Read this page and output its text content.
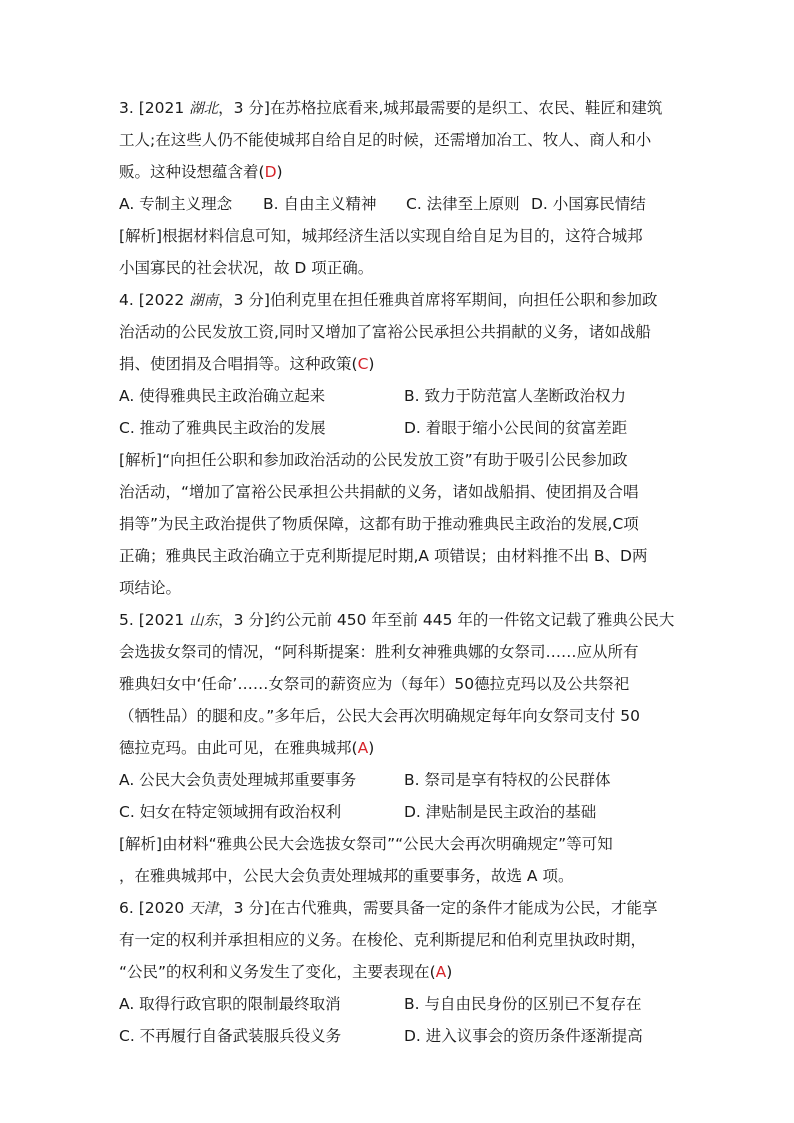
3. [2021 湖北，3 分]在苏格拉底看来,城邦最需要的是织工、农民、鞋匠和建筑
工人;在这些人仍不能使城邦自给自足的时候，还需增加冶工、牧人、商人和小
贩。这种设想蕴含着(D)
A. 专制主义理念 B. 自由主义精神 C. 法律至上原则 D. 小国寡民情结
[解析]根据材料信息可知，城邦经济生活以实现自给自足为目的，这符合城邦
小国寡民的社会状况，故 D 项正确。
4. [2022 湖南，3 分]伯利克里在担任雅典首席将军期间，向担任公职和参加政
治活动的公民发放工资,同时又增加了富裕公民承担公共捐献的义务，诸如战船
捐、使团捐及合唱捐等。这种政策(C)
A. 使得雅典民主政治确立起来	B. 致力于防范富人垄断政治权力
C. 推动了雅典民主政治的发展	D. 着眼于缩小公民间的贫富差距
[解析]“向担任公职和参加政治活动的公民发放工资”有助于吸引公民参加政
治活动，“增加了富裕公民承担公共捐献的义务，诸如战船捐、使团捐及合唱
捐等”为民主政治提供了物质保障，这都有助于推动雅典民主政治的发展,C项
正确；雅典民主政治确立于克利斯提尼时期,A 项错误；由材料推不出 B、D两
项结论。
5. [2021 山东，3 分]约公元前 450 年至前 445 年的一件铭文记载了雅典公民大
会选拔女祭司的情况，“阿科斯提案：胜利女神雅典娜的女祭司……应从所有
雅典妇女中‘任命’……女祭司的薪资应为（每年）50德拉克玛以及公共祭祀
（牺牲品）的腿和皮。”多年后，公民大会再次明确规定每年向女祭司支付 50
德拉克玛。由此可见，在雅典城邦(A)
A. 公民大会负责处理城邦重要事务	B. 祭司是享有特权的公民群体
C. 妇女在特定领域拥有政治权利	D. 津贴制是民主政治的基础
[解析]由材料“雅典公民大会选拔女祭司”“公民大会再次明确规定”等可知
，在雅典城邦中，公民大会负责处理城邦的重要事务，故选 A 项。
6. [2020 天津，3 分]在古代雅典，需要具备一定的条件才能成为公民，才能享
有一定的权利并承担相应的义务。在梭伦、克利斯提尼和伯利克里执政时期，
“公民”的权利和义务发生了变化，主要表现在(A)
A. 取得行政官职的限制最终取消	B. 与自由民身份的区别已不复存在
C. 不再履行自备武装服兵役义务	D. 进入议事会的资历条件逐渐提高
